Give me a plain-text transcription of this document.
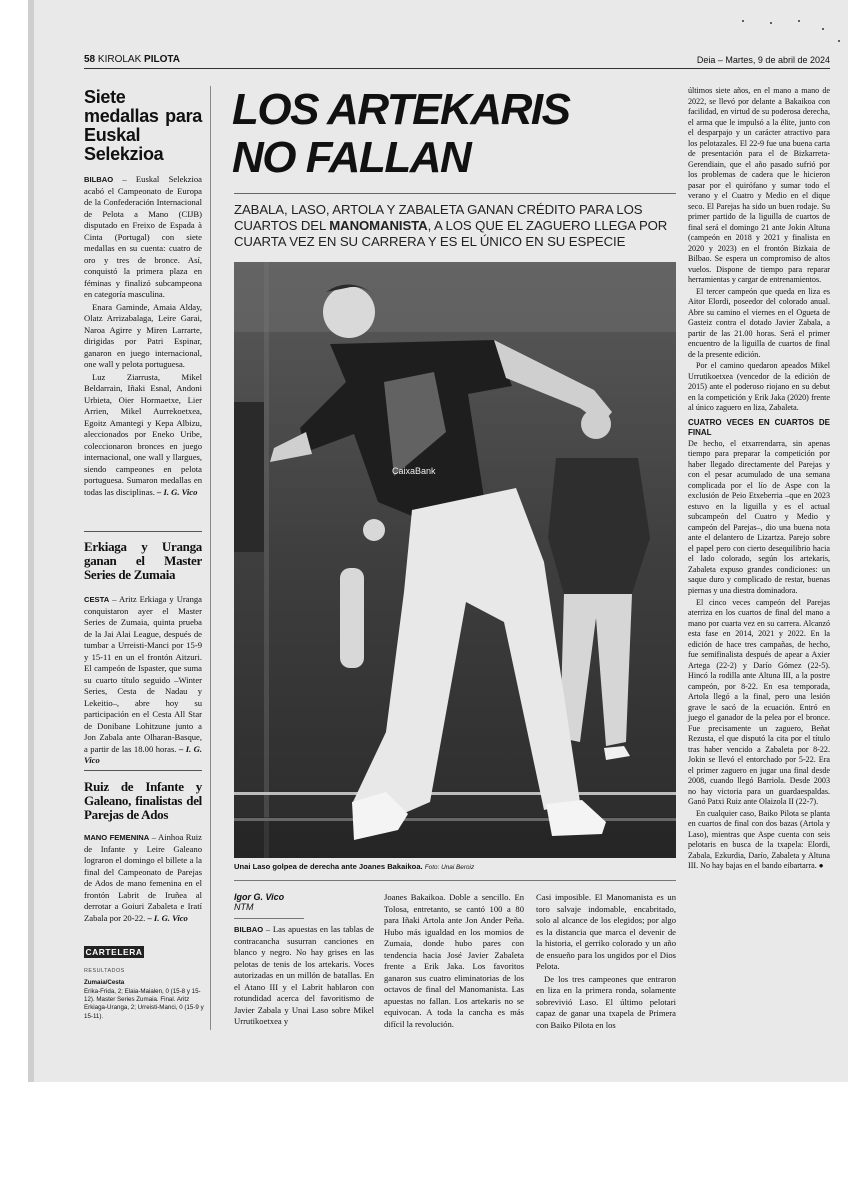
58 KIROLAK PILOTA	Deia – Martes, 9 de abril de 2024
Siete medallas para Euskal Selekzioa

BILBAO – Euskal Selekzioa acabó el Campeonato de Europa de la Confederación Internacional de Pelota a Mano (CIJB) disputado en Freixo de Espada à Cinta (Portugal) con siete medallas en su cuenta: cuatro de oro y tres de bronce. Así, conquistó la primera plaza en féminas y finalizó subcampeona en categoría masculina.

Enara Gaminde, Amaia Alday, Olatz Arrizabalaga, Leire Garai, Naroa Agirre y Miren Larrarte, dirigidas por Patri Espinar, ganaron en juego internacional, one wall y pelota portuguesa.

Luz Ziarrusta, Mikel Beldarrain, Iñaki Esnal, Andoni Urbieta, Oier Hormaetxe, Lier Arrien, Mikel Aurrekoetxea, Egoitz Amantegi y Kepa Albizu, aleccionados por Eneko Uribe, coleccionaron bronces en juego internacional, one wall y llargues, siendo campeones en pelota portuguesa. Sumaron medallas en todas las disciplinas. – I. G. Vico

Erkiaga y Uranga ganan el Master Series de Zumaia

CESTA – Aritz Erkiaga y Uranga conquistaron ayer el Master Series de Zumaia, quinta prueba de la Jai Alai League, después de tumbar a Urreisti-Manci por 15-9 y 15-11 en un el frontón Aitzuri. El campeón de Ispaster, que suma su cuarto título seguido –Winter Series, Cesta de Nadau y Lekeitio–, abre hoy su participación en el Cesta All Star de Donibane Lohitzune junto a Jon Zabala ante Olharan-Basque, a partir de las 18.00 horas. – I. G. Vico

Ruiz de Infante y Galeano, finalistas del Parejas de Ados

MANO FEMENINA – Ainhoa Ruiz de Infante y Leire Galeano lograron el domingo el billete a la final del Campeonato de Parejas de Ados de mano femenina en el frontón Labrit de Iruñea al derrotar a Goiuri Zabaleta e Iratí Zabala por 20-22. – I. G. Vico

CARTELERA
RESULTADOS
Zumaia/Cesta
Erika-Frida, 2; Elaia-Maialen, 0 (15-8 y 15-12). Master Series Zumaia. Final. Aritz Erkiaga-Uranga, 2; Urreisti-Manci, 0 (15-9 y 15-11).
LOS ARTEKARIS
NO FALLAN
ZABALA, LASO, ARTOLA Y ZABALETA GANAN CRÉDITO PARA LOS CUARTOS DEL MANOMANISTA, A LOS QUE EL ZAGUERO LLEGA POR CUARTA VEZ EN SU CARRERA Y ES EL ÚNICO EN SU ESPECIE
CaixaBank
Unai Laso golpea de derecha ante Joanes Bakaikoa. Foto: Unai Beroiz
Igor G. Vico
NTM

BILBAO – Las apuestas en las tablas de contracancha susurran canciones en blanco y negro. No hay grises en las pelotas de tenis de los artekaris. Voces autorizadas en un millón de batallas. En el Atano III y el Labrit hablaron con rotundidad acerca del favoritismo de Javier Zabala y Unai Laso sobre Mikel Urrutikoetxea y

Joanes Bakaikoa. Doble a sencillo. En Tolosa, entretanto, se cantó 100 a 80 para Iñaki Artola ante Jon Ander Peña. Hubo más igualdad en los momios de Zumaia, donde hubo pares con tendencia hacia José Javier Zabaleta frente a Erik Jaka. Los favoritos ganaron sus cuatro eliminatorias de los octavos de final del Manomanista. Las apuestas no fallan. Los artekaris no se equivocan. A toda la cancha es más difícil la revolución.

Casi imposible. El Manomanista es un toro salvaje indomable, encabritado, solo al alcance de los elegidos; por algo es la distancia que marca el devenir de la historia, el gerriko colorado y un año de ensueño para los ungidos por el Dios Pelota.

De los tres campeones que entraron en liza en la primera ronda, solamente sobrevivió Laso. El último pelotari capaz de ganar una txapela de Primera con Baiko Pilota en los

últimos siete años, en el mano a mano de 2022, se llevó por delante a Bakaikoa con facilidad, en virtud de su poderosa derecha, el arma que le impulsó a la élite, junto con el desparpajo y un carácter atractivo para los pelotazales. El 22-9 fue una buena carta de presentación para el de Bizkarreta-Gerendiain, que el año pasado sufrió por los problemas de cadera que le hicieron pasar por el quirófano y sumar todo el verano y el Cuatro y Medio en el dique seco. El Parejas ha sido un buen rodaje. Su primer partido de la liguilla de cuartos de final será el domingo 21 ante Jokin Altuna (campeón en 2018 y 2021 y finalista en 2020 y 2023) en el frontón Bizkaia de Bilbao. Se espera un compromiso de altos vuelos. Dispone de tiempo para reparar herramientas y cargar de entrenamientos.

El tercer campeón que queda en liza es Aitor Elordi, poseedor del colorado anual. Abre su camino el viernes en el Ogueta de Gasteiz contra el dotado Javier Zabala, a partir de las 21.00 horas. Será el primer encuentro de la liguilla de cuartos de final de la presente edición.

Por el camino quedaron apeados Mikel Urrutikoetxea (vencedor de la edición de 2015) ante el poderoso riojano en su debut en la competición y Erik Jaka (2020) frente al único zaguero en liza, Zabaleta.

CUATRO VECES EN CUARTOS DE FINAL

De hecho, el etxarrendarra, sin apenas tiempo para preparar la competición por haber llegado directamente del Parejas y con el pesar acumulado de una semana complicada por el lío de Aspe con la exclusión de Peio Etxeberria –que en 2023 estuvo en la liguilla y es el actual subcampeón del Cuatro y Medio y campeón del Parejas–, dio una buena nota ante el delantero de Lizartza. Parejo sobre el papel pero con cierto desequilibrio hacia el lado colorado, según los artekaris, Zabaleta expuso grandes condiciones: un saque duro y complicado de restar, buenas piernas y una diestra dominadora.

El cinco veces campeón del Parejas aterriza en los cuartos de final del mano a mano por cuarta vez en su carrera. Alcanzó esta fase en 2014, 2021 y 2022. En la edición de hace tres campañas, de hecho, fue semifinalista después de apear a Axier Artega (22-2) y Darío Gómez (22-5). Hincó la rodilla ante Altuna III, a la postre campeón, por 8-22. En esa temporada, Artola llegó a la final, pero una lesión grave le sacó de la ecuación. Entró en juego el ganador de la pelea por el bronce. Fue precisamente un zaguero, Beñat Rezusta, el que disputó la cita por el título tras haber vencido a Zabaleta por 8-22. Jokin se llevó el entorchado por 5-22. Era el primer zaguero en jugar una final desde 2008, cuando llegó Barriola. Desde 2003 no hay victoria para un guardaespaldas. Ganó Patxi Ruiz ante Olaizola II (22-7).

En cualquier caso, Baiko Pilota se planta en cuartos de final con dos bazas (Artola y Laso), mientras que Aspe cuenta con seis pelotaris en busca de la txapela: Elordi, Zabala, Ezkurdia, Darío, Zabaleta y Altuna III. No hay bajas en el bando eibartarra. ●
